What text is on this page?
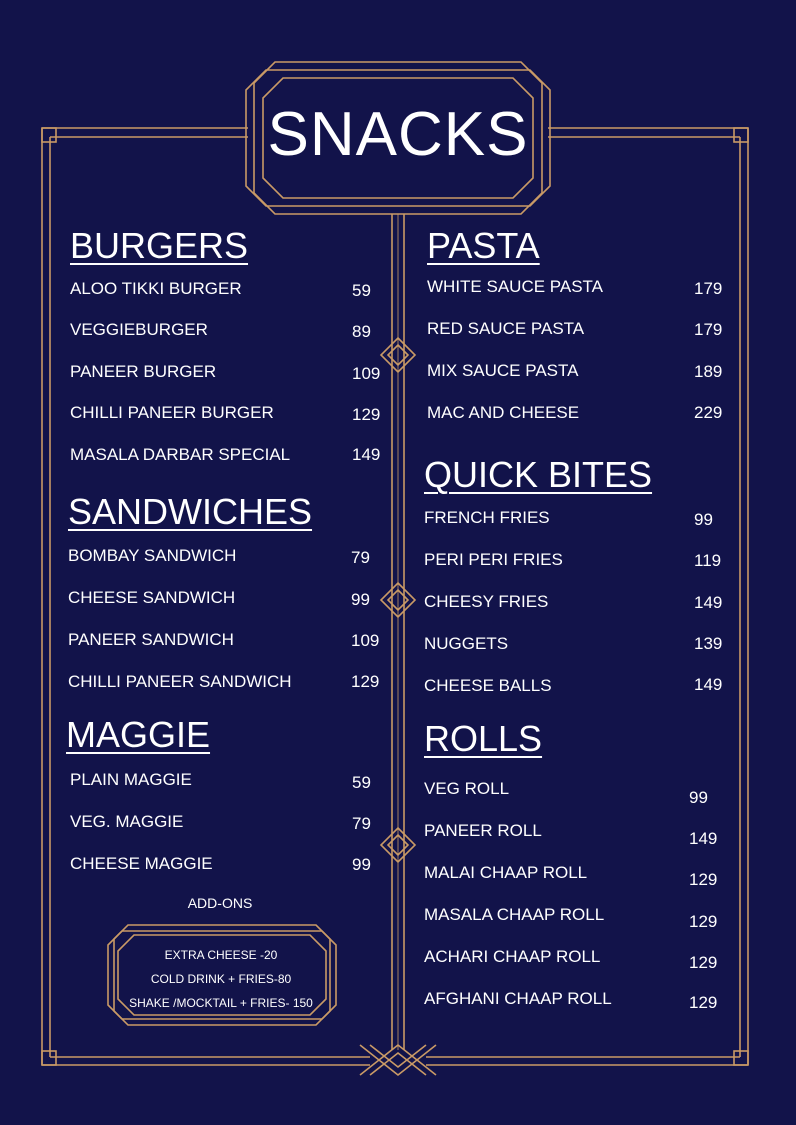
SNACKS
BURGERS
ALOO TIKKI BURGER	59
VEGGIEBURGER	89
PANEER BURGER	109
CHILLI PANEER BURGER	129
MASALA DARBAR SPECIAL	149
SANDWICHES
BOMBAY SANDWICH	79
CHEESE SANDWICH	99
PANEER SANDWICH	109
CHILLI PANEER SANDWICH	129
MAGGIE
PLAIN MAGGIE	59
VEG. MAGGIE	79
CHEESE MAGGIE	99
ADD-ONS
EXTRA CHEESE -20
COLD DRINK + FRIES-80
SHAKE /MOCKTAIL + FRIES- 150
PASTA
WHITE SAUCE PASTA	179
RED SAUCE PASTA	179
MIX SAUCE PASTA	189
MAC AND CHEESE	229
QUICK BITES
FRENCH FRIES	99
PERI PERI FRIES	119
CHEESY FRIES	149
NUGGETS	139
CHEESE BALLS	149
ROLLS
VEG ROLL	99
PANEER ROLL	149
MALAI CHAAP ROLL	129
MASALA CHAAP ROLL	129
ACHARI CHAAP ROLL	129
AFGHANI CHAAP ROLL	129
